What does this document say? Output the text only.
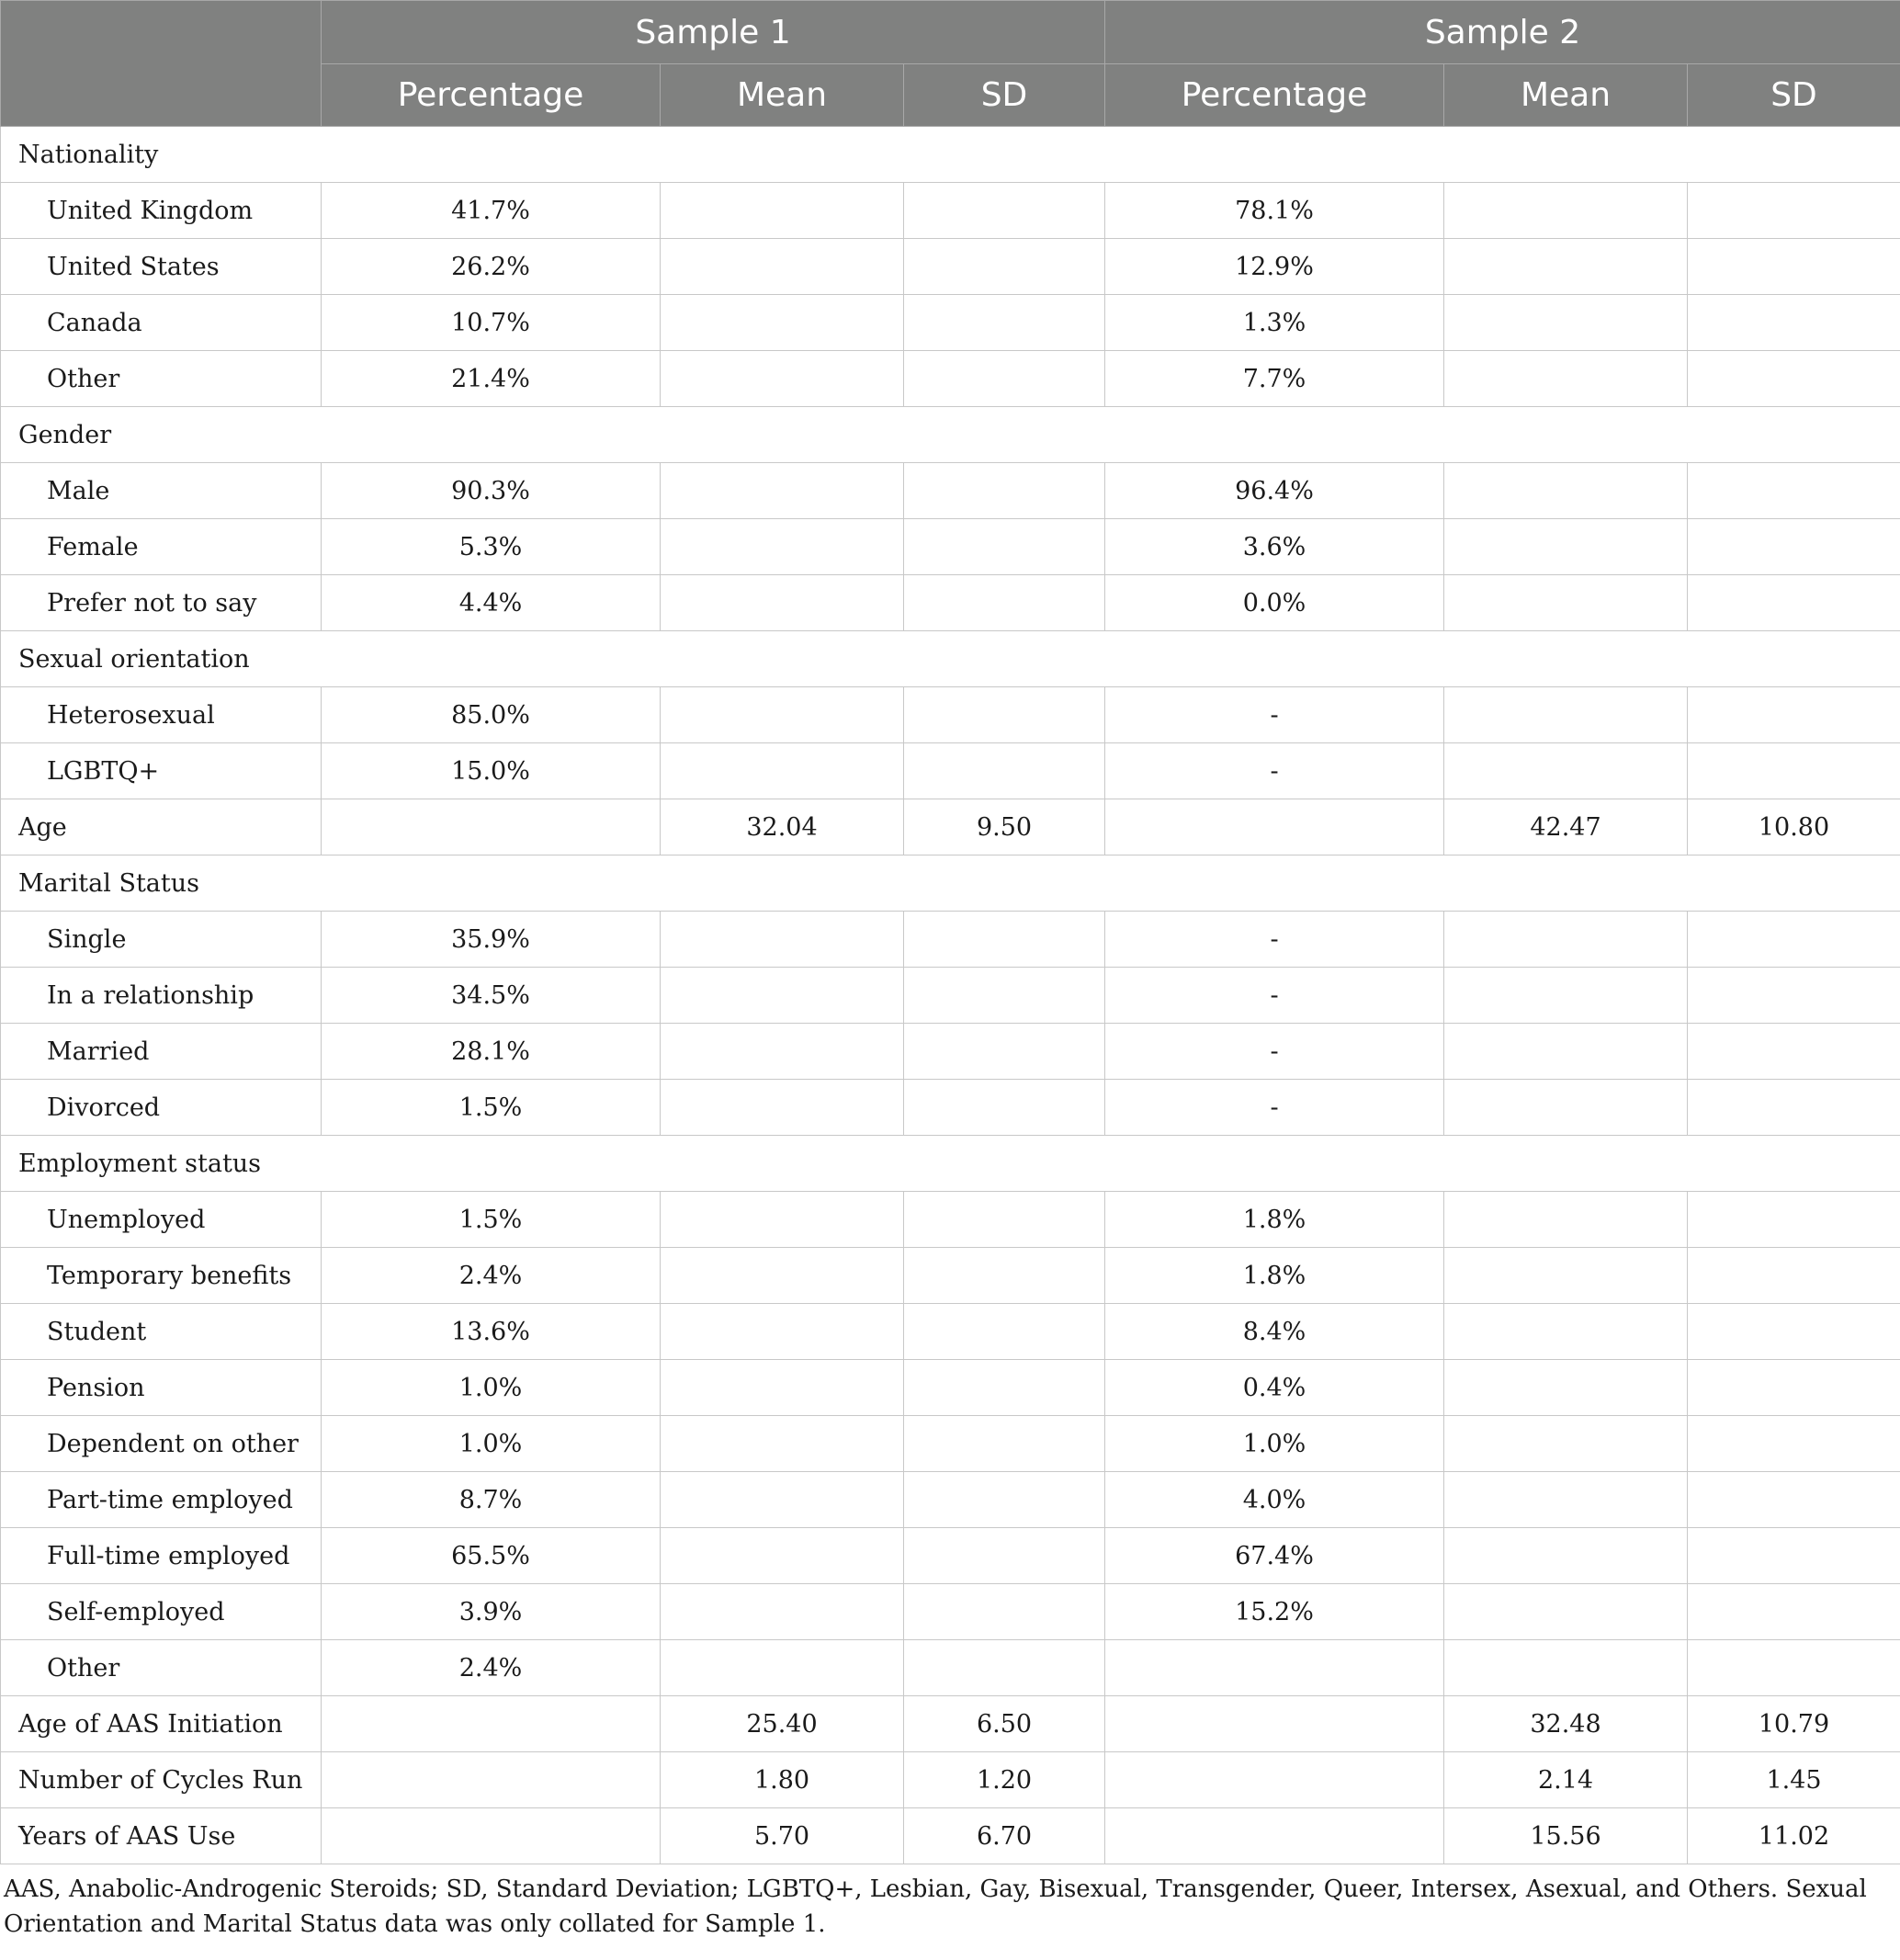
	Sample 1			Sample 2		
	Percentage	Mean	SD	Percentage	Mean	SD
Nationality						
United Kingdom	41.7%			78.1%		
United States	26.2%			12.9%		
Canada	10.7%			1.3%		
Other	21.4%			7.7%		
Gender						
Male	90.3%			96.4%		
Female	5.3%			3.6%		
Prefer not to say	4.4%			0.0%		
Sexual orientation						
Heterosexual	85.0%			-		
LGBTQ+	15.0%			-		
Age		32.04	9.50		42.47	10.80
Marital Status						
Single	35.9%			-		
In a relationship	34.5%			-		
Married	28.1%			-		
Divorced	1.5%			-		
Employment status						
Unemployed	1.5%			1.8%		
Temporary benefits	2.4%			1.8%		
Student	13.6%			8.4%		
Pension	1.0%			0.4%		
Dependent on other	1.0%			1.0%		
Part-time employed	8.7%			4.0%		
Full-time employed	65.5%			67.4%		
Self-employed	3.9%			15.2%		
Other	2.4%					
Age of AAS Initiation		25.40	6.50		32.48	10.79
Number of Cycles Run		1.80	1.20		2.14	1.45
Years of AAS Use		5.70	6.70		15.56	11.02
AAS, Anabolic-Androgenic Steroids; SD, Standard Deviation; LGBTQ+, Lesbian, Gay, Bisexual, Transgender, Queer, Intersex, Asexual, and Others. Sexual Orientation and Marital Status data was only collated for Sample 1.
